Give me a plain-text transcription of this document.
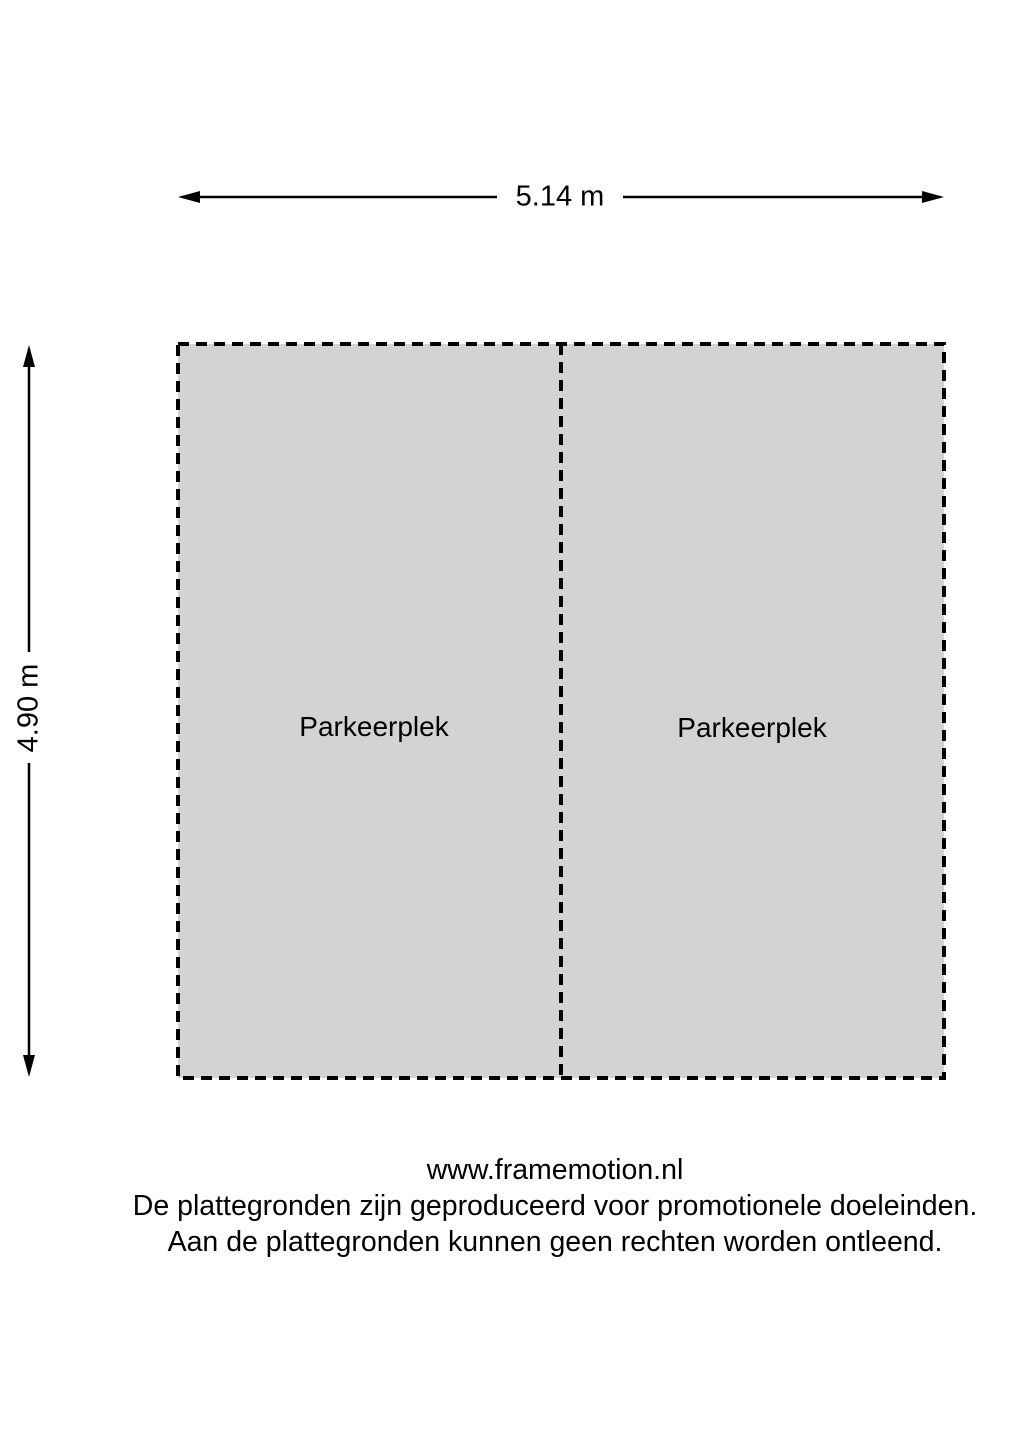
5.14 m
4.90 m	Parkeerplek	Parkeerplek
www.framemotion.nl
De plattegronden zijn geproduceerd voor promotionele doeleinden.
Aan de plattegronden kunnen geen rechten worden ontleend.
